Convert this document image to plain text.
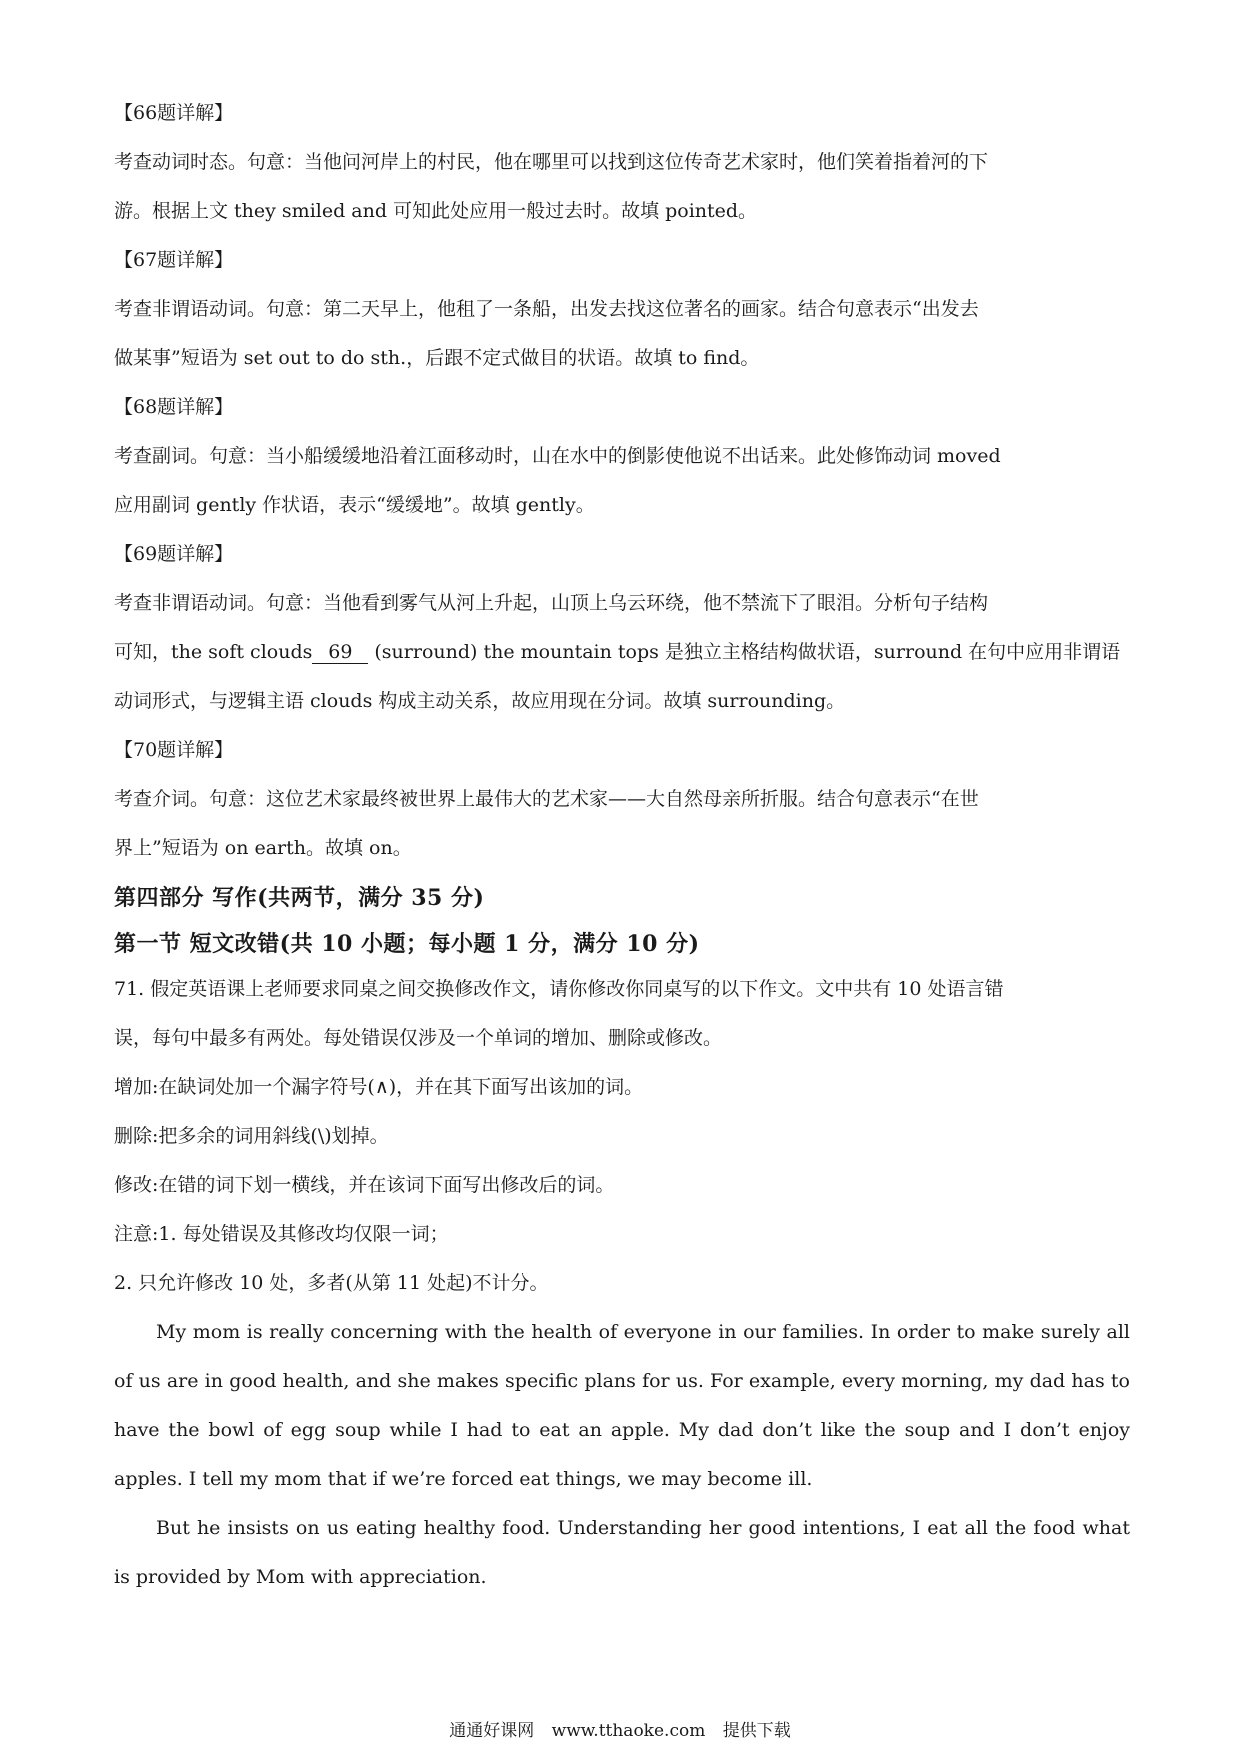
【66题详解】
考查动词时态。句意：当他问河岸上的村民，他在哪里可以找到这位传奇艺术家时，他们笑着指着河的下
游。根据上文 they smiled and 可知此处应用一般过去时。故填 pointed。
【67题详解】
考查非谓语动词。句意：第二天早上，他租了一条船，出发去找这位著名的画家。结合句意表示“出发去
做某事”短语为 set out to do sth.，后跟不定式做目的状语。故填 to find。
【68题详解】
考查副词。句意：当小船缓缓地沿着江面移动时，山在水中的倒影使他说不出话来。此处修饰动词 moved
应用副词 gently 作状语，表示“缓缓地”。故填 gently。
【69题详解】
考查非谓语动词。句意：当他看到雾气从河上升起，山顶上乌云环绕，他不禁流下了眼泪。分析句子结构
可知，the soft clouds 69 (surround) the mountain tops 是独立主格结构做状语，surround 在句中应用非谓语
动词形式，与逻辑主语 clouds 构成主动关系，故应用现在分词。故填 surrounding。
【70题详解】
考查介词。句意：这位艺术家最终被世界上最伟大的艺术家——大自然母亲所折服。结合句意表示“在世
界上”短语为 on earth。故填 on。
第四部分 写作(共两节，满分 35 分)
第一节 短文改错(共 10 小题；每小题 1 分，满分 10 分)
71. 假定英语课上老师要求同桌之间交换修改作文，请你修改你同桌写的以下作文。文中共有 10 处语言错
误，每句中最多有两处。每处错误仅涉及一个单词的增加、删除或修改。
增加:在缺词处加一个漏字符号(∧)，并在其下面写出该加的词。
删除:把多余的词用斜线(\)划掉。
修改:在错的词下划一横线，并在该词下面写出修改后的词。
注意:1. 每处错误及其修改均仅限一词；
2. 只允许修改 10 处，多者(从第 11 处起)不计分。

My mom is really concerning with the health of everyone in our families. In order to make surely all of us are in good health, and she makes specific plans for us. For example, every morning, my dad has to have the bowl of egg soup while I had to eat an apple. My dad don’t like the soup and I don’t enjoy apples. I tell my mom that if we’re forced eat things, we may become ill.

But he insists on us eating healthy food. Understanding her good intentions, I eat all the food what is provided by Mom with appreciation.

通通好课网 www.tthaoke.com 提供下载
